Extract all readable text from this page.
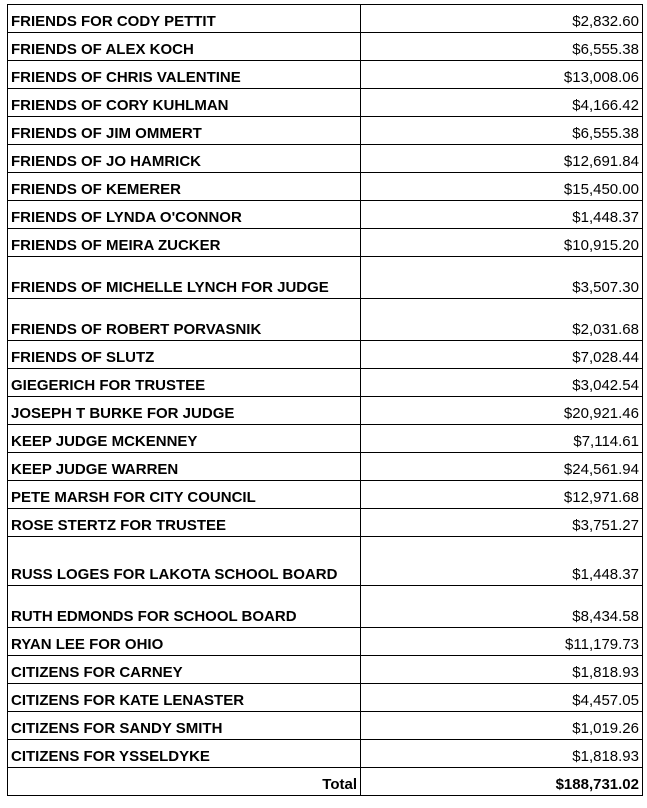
FRIENDS FOR CODY PETTIT	$2,832.60
FRIENDS OF ALEX KOCH	$6,555.38
FRIENDS OF CHRIS VALENTINE	$13,008.06
FRIENDS OF CORY KUHLMAN	$4,166.42
FRIENDS OF JIM OMMERT	$6,555.38
FRIENDS OF JO HAMRICK	$12,691.84
FRIENDS OF KEMERER	$15,450.00
FRIENDS OF LYNDA O'CONNOR	$1,448.37
FRIENDS OF MEIRA ZUCKER	$10,915.20
FRIENDS OF MICHELLE LYNCH FOR JUDGE	$3,507.30
FRIENDS OF ROBERT PORVASNIK	$2,031.68
FRIENDS OF SLUTZ	$7,028.44
GIEGERICH FOR TRUSTEE	$3,042.54
JOSEPH T BURKE FOR JUDGE	$20,921.46
KEEP JUDGE MCKENNEY	$7,114.61
KEEP JUDGE WARREN	$24,561.94
PETE MARSH FOR CITY COUNCIL	$12,971.68
ROSE STERTZ FOR TRUSTEE	$3,751.27
RUSS LOGES FOR LAKOTA SCHOOL BOARD	$1,448.37
RUTH EDMONDS FOR SCHOOL BOARD	$8,434.58
RYAN LEE FOR OHIO	$11,179.73
CITIZENS FOR CARNEY	$1,818.93
CITIZENS FOR KATE LENASTER	$4,457.05
CITIZENS FOR SANDY SMITH	$1,019.26
CITIZENS FOR YSSELDYKE	$1,818.93
Total	$188,731.02
